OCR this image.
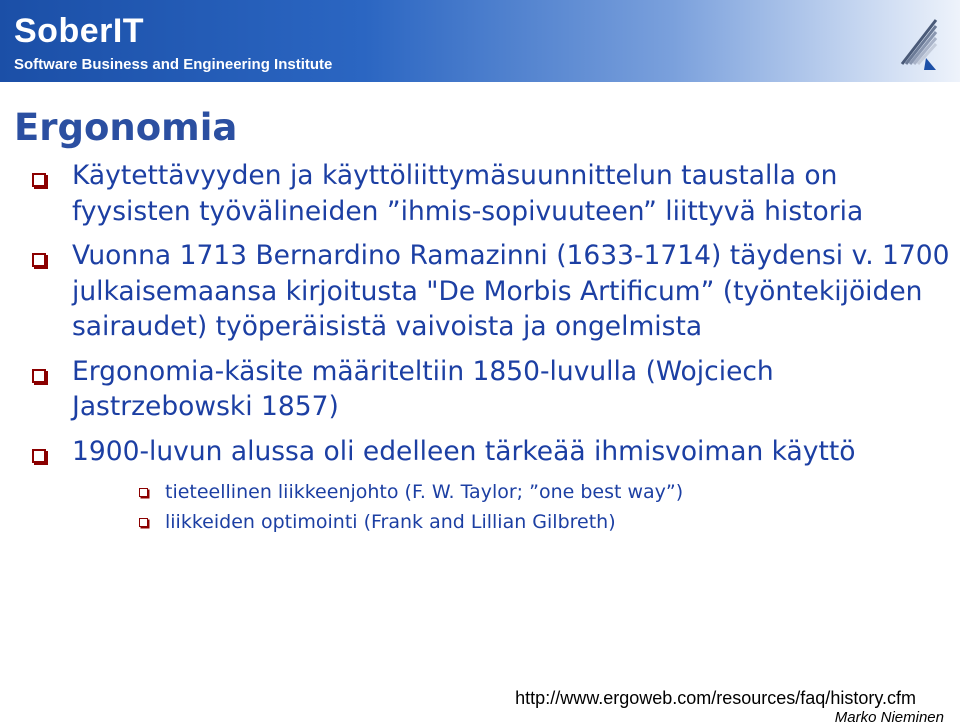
SoberIT
Software Business and Engineering Institute
Ergonomia

Käytettävyyden ja käyttöliittymäsuunnittelun taustalla on fyysisten työvälineiden ”ihmis-sopivuuteen” liittyvä historia

Vuonna 1713 Bernardino Ramazinni (1633-1714) täydensi v. 1700 julkaisemaansa kirjoitusta "De Morbis Artificum” (työntekijöiden sairaudet) työperäisistä vaivoista ja ongelmista

Ergonomia-käsite määriteltiin 1850-luvulla (Wojciech Jastrzebowski 1857)

1900-luvun alussa oli edelleen tärkeää ihmisvoiman käyttö

tieteellinen liikkeenjohto (F. W. Taylor; ”one best way”)

liikkeiden optimointi (Frank and Lillian Gilbreth)

http://www.ergoweb.com/resources/faq/history.cfm
Marko Nieminen
